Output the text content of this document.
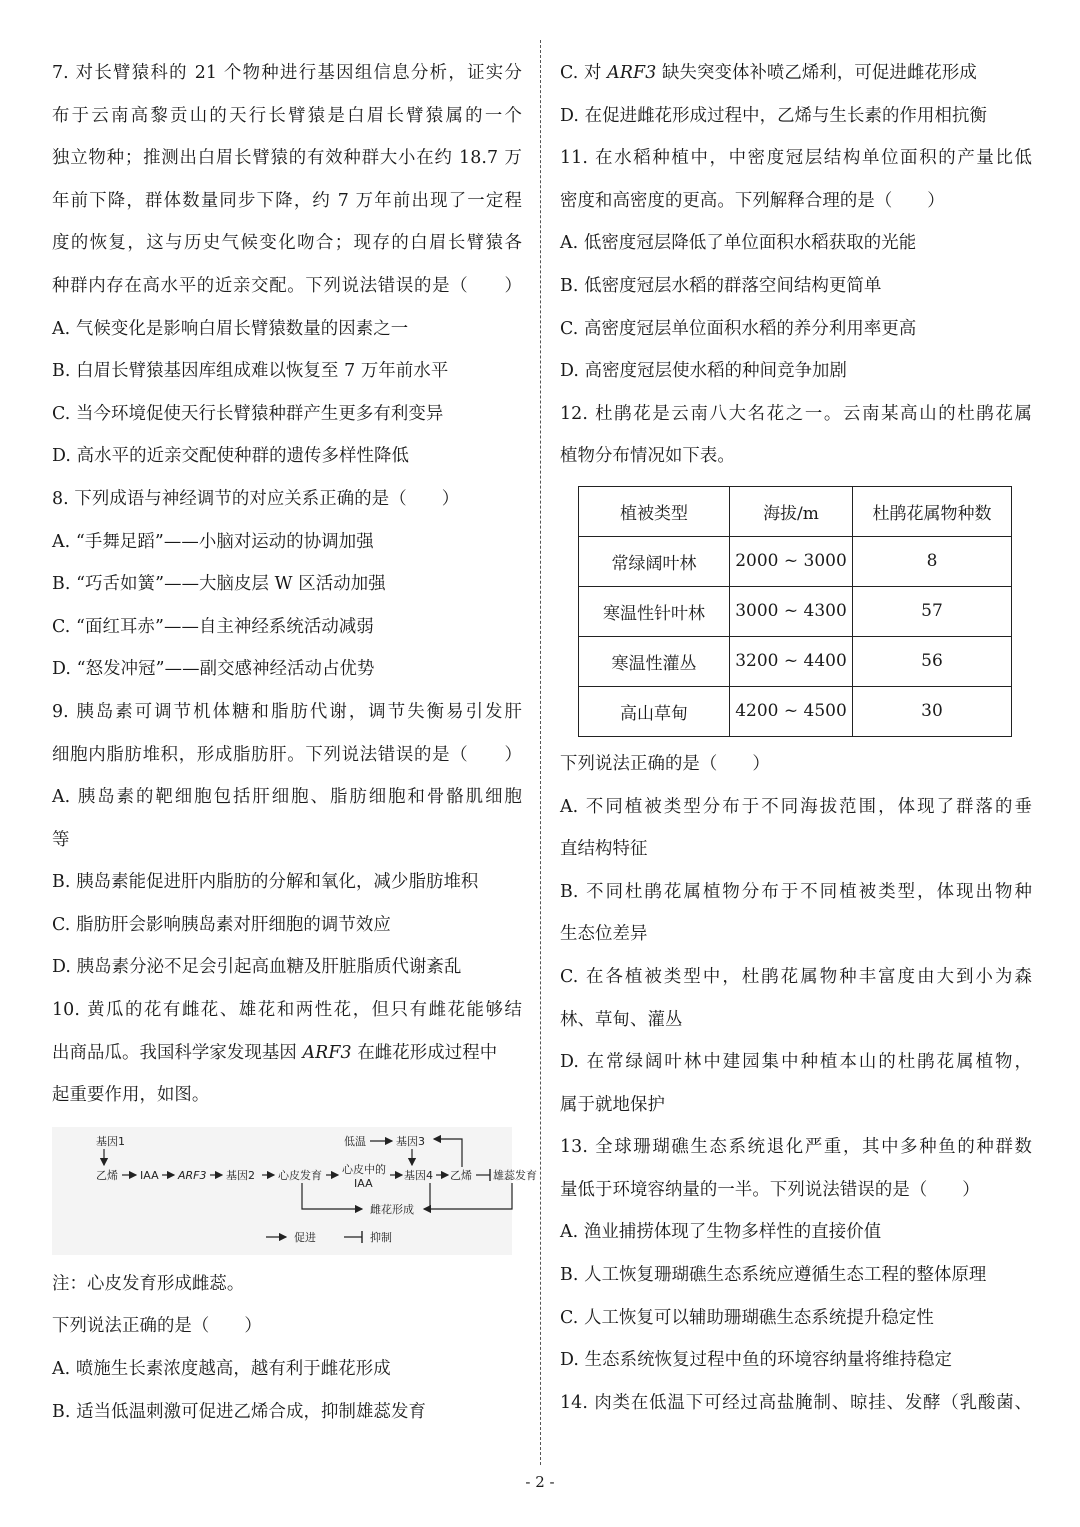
7. 对长臂猿科的 21 个物种进行基因组信息分析，证实分
布于云南高黎贡山的天行长臂猿是白眉长臂猿属的一个
独立物种；推测出白眉长臂猿的有效种群大小在约 18.7 万
年前下降，群体数量同步下降，约 7 万年前出现了一定程
度的恢复，这与历史气候变化吻合；现存的白眉长臂猿各
种群内存在高水平的近亲交配。下列说法错误的是（　　）
A. 气候变化是影响白眉长臂猿数量的因素之一
B. 白眉长臂猿基因库组成难以恢复至 7 万年前水平
C. 当今环境促使天行长臂猿种群产生更多有利变异
D. 高水平的近亲交配使种群的遗传多样性降低
8. 下列成语与神经调节的对应关系正确的是（　　）
A. “手舞足蹈”——小脑对运动的协调加强
B. “巧舌如簧”——大脑皮层 W 区活动加强
C. “面红耳赤”——自主神经系统活动减弱
D. “怒发冲冠”——副交感神经活动占优势
9. 胰岛素可调节机体糖和脂肪代谢，调节失衡易引发肝
细胞内脂肪堆积，形成脂肪肝。下列说法错误的是（　　）
A. 胰岛素的靶细胞包括肝细胞、脂肪细胞和骨骼肌细胞
等
B. 胰岛素能促进肝内脂肪的分解和氧化，减少脂肪堆积
C. 脂肪肝会影响胰岛素对肝细胞的调节效应
D. 胰岛素分泌不足会引起高血糖及肝脏脂质代谢紊乱
10. 黄瓜的花有雌花、雄花和两性花，但只有雌花能够结
出商品瓜。我国科学家发现基因 ARF3 在雌花形成过程中
起重要作用，如图。
基因1	低温	基因3
乙烯 IAA ARF3 基因2 心皮发育 心皮中的
IAA
基因4 乙烯 雄蕊发育
雌花形成
促进	抑制
注：心皮发育形成雌蕊。
下列说法正确的是（　　）
A. 喷施生长素浓度越高，越有利于雌花形成
B. 适当低温刺激可促进乙烯合成，抑制雄蕊发育
C. 对 ARF3 缺失突变体补喷乙烯利，可促进雌花形成
D. 在促进雌花形成过程中，乙烯与生长素的作用相抗衡
11. 在水稻种植中，中密度冠层结构单位面积的产量比低
密度和高密度的更高。下列解释合理的是（　　）
A. 低密度冠层降低了单位面积水稻获取的光能
B. 低密度冠层水稻的群落空间结构更简单
C. 高密度冠层单位面积水稻的养分利用率更高
D. 高密度冠层使水稻的种间竞争加剧
12. 杜鹃花是云南八大名花之一。云南某高山的杜鹃花属
植物分布情况如下表。
植被类型	海拔/m	杜鹃花属物种数
常绿阔叶林	2000 ~ 3000	8
寒温性针叶林	3000 ~ 4300	57
寒温性灌丛	3200 ~ 4400	56
高山草甸	4200 ~ 4500	30
下列说法正确的是（　　）
A. 不同植被类型分布于不同海拔范围，体现了群落的垂
直结构特征
B. 不同杜鹃花属植物分布于不同植被类型，体现出物种
生态位差异
C. 在各植被类型中，杜鹃花属物种丰富度由大到小为森
林、草甸、灌丛
D. 在常绿阔叶林中建园集中种植本山的杜鹃花属植物，
属于就地保护
13. 全球珊瑚礁生态系统退化严重，其中多种鱼的种群数
量低于环境容纳量的一半。下列说法错误的是（　　）
A. 渔业捕捞体现了生物多样性的直接价值
B. 人工恢复珊瑚礁生态系统应遵循生态工程的整体原理
C. 人工恢复可以辅助珊瑚礁生态系统提升稳定性
D. 生态系统恢复过程中鱼的环境容纳量将维持稳定
14. 肉类在低温下可经过高盐腌制、晾挂、发酵（乳酸菌、
- 2 -
